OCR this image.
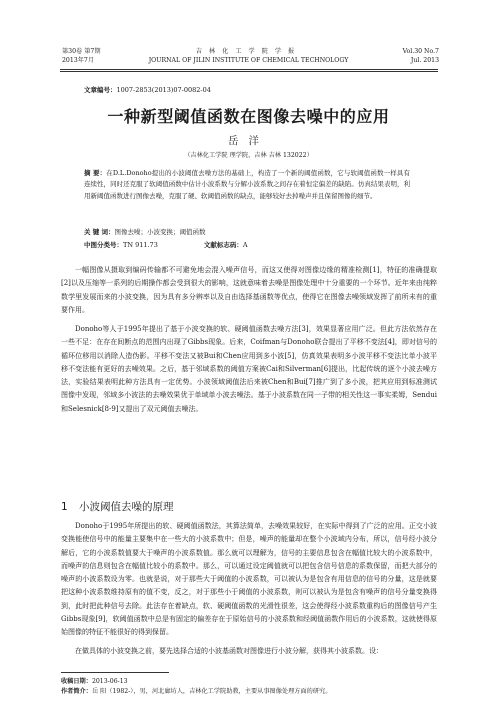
第30卷 第7期
2013年7月
吉林化工学院学报
JOURNAL OF JILIN INSTITUTE OF CHEMICAL TECHNOLOGY
Vol.30 No.7
Jul. 2013
文章编号：1007-2853(2013)07-0082-04
一种新型阈值函数在图像去噪中的应用
岳洋
（吉林化工学院 理学院，吉林 吉林 132022）
摘 要：在D.L.Donoho提出的小波阈值去噪方法的基础上，构造了一个新的阈值函数，它与软阈值函数一样具有连续性，同时还克服了软阈值函数中估计小波系数与分解小波系数之间存在着恒定偏差的缺陷。仿真结果表明，利用新阈值函数进行图像去噪，克服了硬、软阈值函数的缺点，能够较好去掉噪声并且保留图像的细节。
关 键 词：图像去噪；小波变换；阈值函数
中图分类号：TN 911.73	文献标志码：A
一幅图像从摄取到编码传输都不可避免地会混入噪声信号，而这又使得对图像边缘的精准检测[1]，特征的准确提取[2]以及压缩等一系列的后期操作都会受到很大的影响，这就意味着去噪是图像处理中十分重要的一个环节。近年来由纯粹数学里发展而来的小波变换，因为具有多分辨率以及自由选择基函数等优点，使得它在图像去噪领域发挥了前所未有的重要作用。
Donoho等人于1995年提出了基于小波变换的软、硬阈值函数去噪方法[3]，效果显著应用广泛。但此方法依然存在一些不足：在存在间断点的范围内出现了Gibbs现象。后来，Coifman与Donoho联合提出了平移不变法[4]，即对信号的循环位移用以消除人造伪影。平移不变法又被Bui和Chen应用到多小波[5]，仿真效果表明多小波平移不变法比单小波平移不变法能有更好的去噪效果。之后，基于邻域系数的阈值方案被Cai和Silverman[6]提出，比起传统的逐个小波去噪方法，实验结果表明此种方法具有一定优势。小波领域阈值法后来被Chen和Bui[7]推广到了多小波，把其应用到标准测试图像中发现，邻域多小波法的去噪效果优于单域单小波去噪法。基于小波系数在同一子带的相关性这一事实柔姆，Sendui和Selesnick[8-9]又提出了双元阈值去噪法。
1 小波阈值去噪的原理
Donoho于1995年所提出的软、硬阈值函数法，其算法简单，去噪效果较好，在实际中得到了广泛的应用。正交小波变换能使信号中的能量主要集中在一些大的小波系数中；但是，噪声的能量却在整个小波域内分布，所以，信号经小波分解后，它的小波系数值要大于噪声的小波系数值。那么就可以理解为，信号的主要信息包含在幅值比较大的小波系数中，而噪声的信息则包含在幅值比较小的系数中。那么，可以通过设定阈值就可以把包含信号信息的系数保留，而把大部分的噪声的小波系数设为零。也就是说，对于那些大于阈值的小波系数，可以被认为是包含有用信息的信号的分量，这是就要把这种小波系数维持原有的值不变，反之，对于那些小于阈值的小波系数，则可以被认为是包含有噪声的信号分量变换得到，此时把此种信号去除。此法存在着缺点，软、硬阈值函数的光滑性很差，这会使得经小波系数重构后的图像信号产生Gibbs现象[9]，软阈值函数中总是有固定的偏差存在于原始信号的小波系数和经阈值函数作用后的小波系数，这就使得原始图像的特征不能很好的得到保留。
在做具体的小波变换之前，要先选择合适的小波基函数对图像进行小波分解，获得其小波系数。设：
收稿日期：2013-06-13
作者简介：岳 阳（1982-），男，河北廊坊人，吉林化工学院助教，主要从事图像处理方面的研究。
